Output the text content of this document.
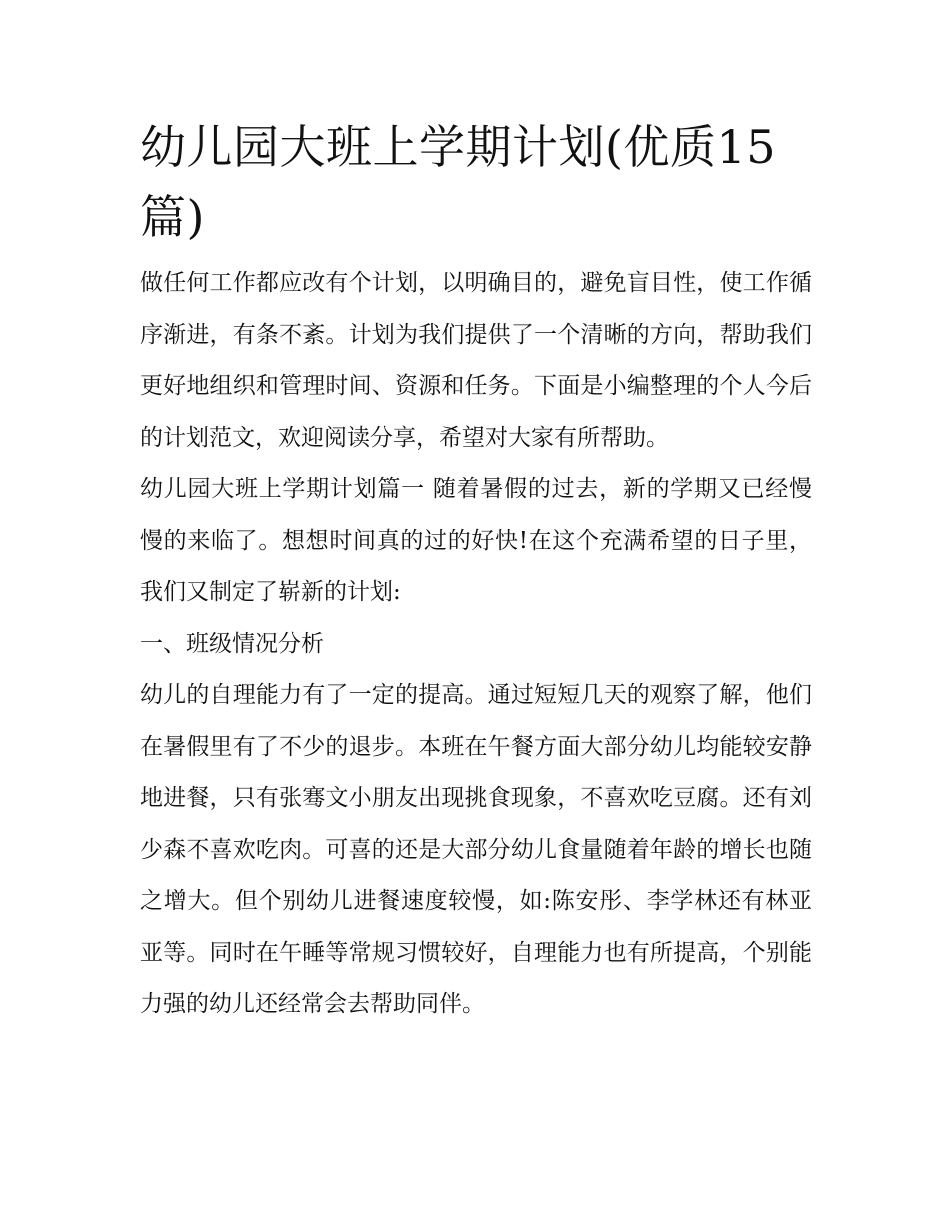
幼儿园大班上学期计划(优质15篇)

做任何工作都应改有个计划，以明确目的，避免盲目性，使工作循序渐进，有条不紊。计划为我们提供了一个清晰的方向，帮助我们更好地组织和管理时间、资源和任务。下面是小编整理的个人今后的计划范文，欢迎阅读分享，希望对大家有所帮助。

幼儿园大班上学期计划篇一 随着暑假的过去，新的学期又已经慢慢的来临了。想想时间真的过的好快!在这个充满希望的日子里，我们又制定了崭新的计划:

一、班级情况分析

幼儿的自理能力有了一定的提高。通过短短几天的观察了解，他们在暑假里有了不少的退步。本班在午餐方面大部分幼儿均能较安静地进餐，只有张骞文小朋友出现挑食现象，不喜欢吃豆腐。还有刘少森不喜欢吃肉。可喜的还是大部分幼儿食量随着年龄的增长也随之增大。但个别幼儿进餐速度较慢，如:陈安彤、李学林还有林亚亚等。同时在午睡等常规习惯较好，自理能力也有所提高，个别能力强的幼儿还经常会去帮助同伴。
